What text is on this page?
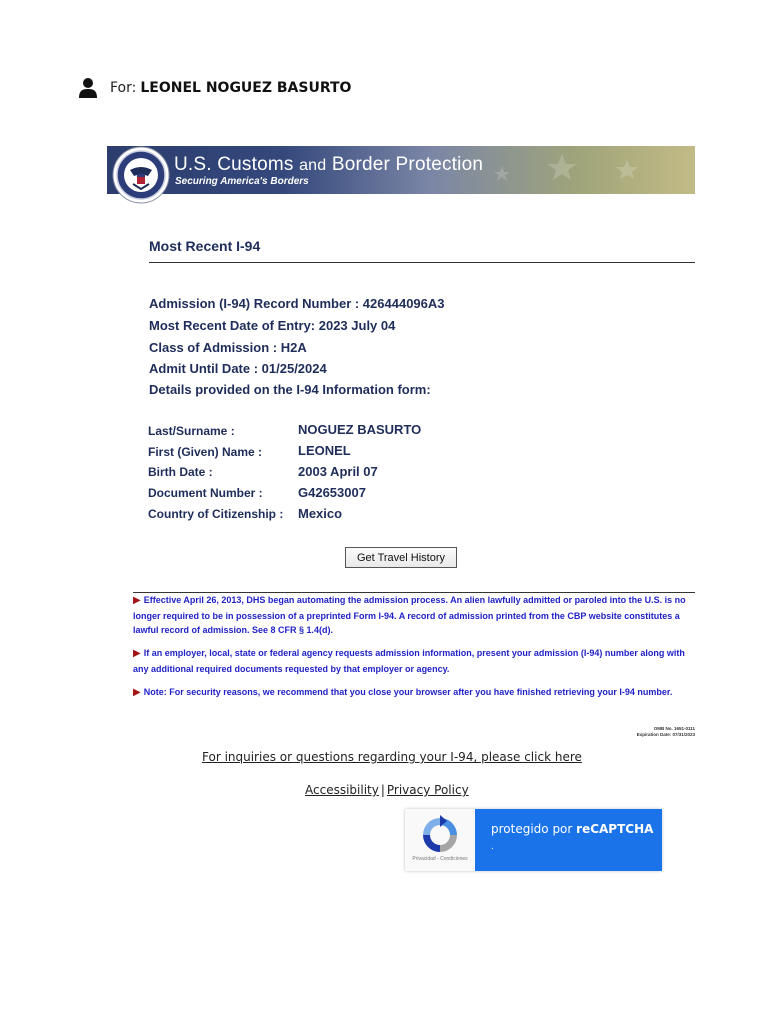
For: LEONEL NOGUEZ BASURTO
U.S. Customs and Border Protection
Securing America's Borders
Most Recent I-94
Admission (I-94) Record Number : 426444096A3
Most Recent Date of Entry: 2023 July 04
Class of Admission : H2A
Admit Until Date : 01/25/2024
Details provided on the I-94 Information form:
Last/Surname :	NOGUEZ BASURTO
First (Given) Name :	LEONEL
Birth Date :	2003 April 07
Document Number :	G42653007
Country of Citizenship : Mexico
Get Travel History
▶ Effective April 26, 2013, DHS began automating the admission process. An alien lawfully admitted or paroled into the U.S. is no longer required to be in possession of a preprinted Form I-94. A record of admission printed from the CBP website constitutes a lawful record of admission. See 8 CFR § 1.4(d).
▶ If an employer, local, state or federal agency requests admission information, present your admission (I-94) number along with any additional required documents requested by that employer or agency.
▶ Note: For security reasons, we recommend that you close your browser after you have finished retrieving your I-94 number.
OMB No. 1651-0111
Expiration Date: 07/31/2023
For inquiries or questions regarding your I-94, please click here
Accessibility | Privacy Policy
Privacidad - Condiciones
protegido por reCAPTCHA
.
